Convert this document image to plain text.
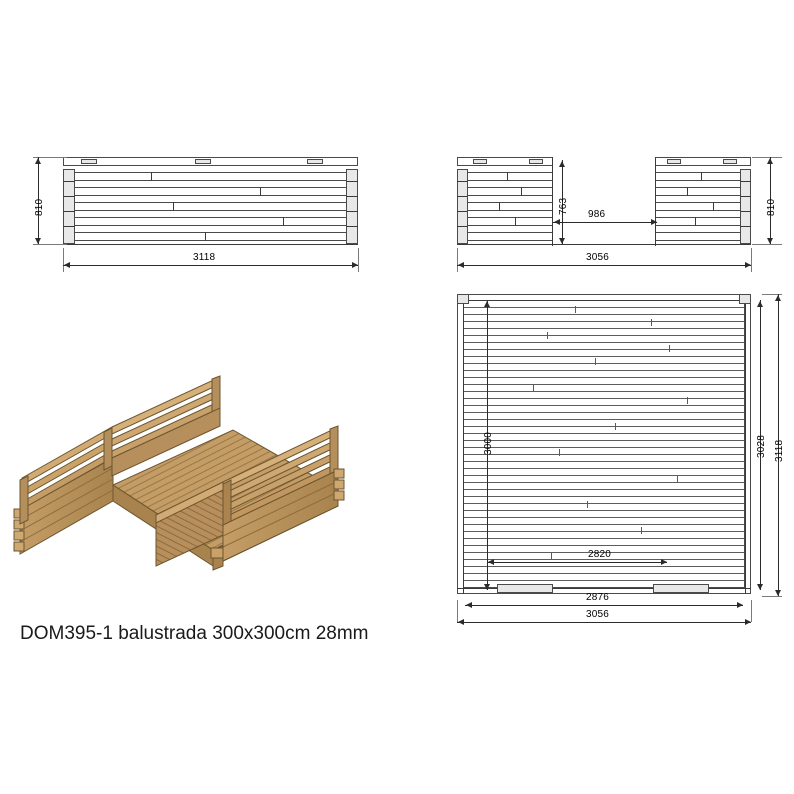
810
3118
763 986	810
3056
3000	3028 3118
2820
2876
3056
DOM395-1 balustrada 300x300cm 28mm
